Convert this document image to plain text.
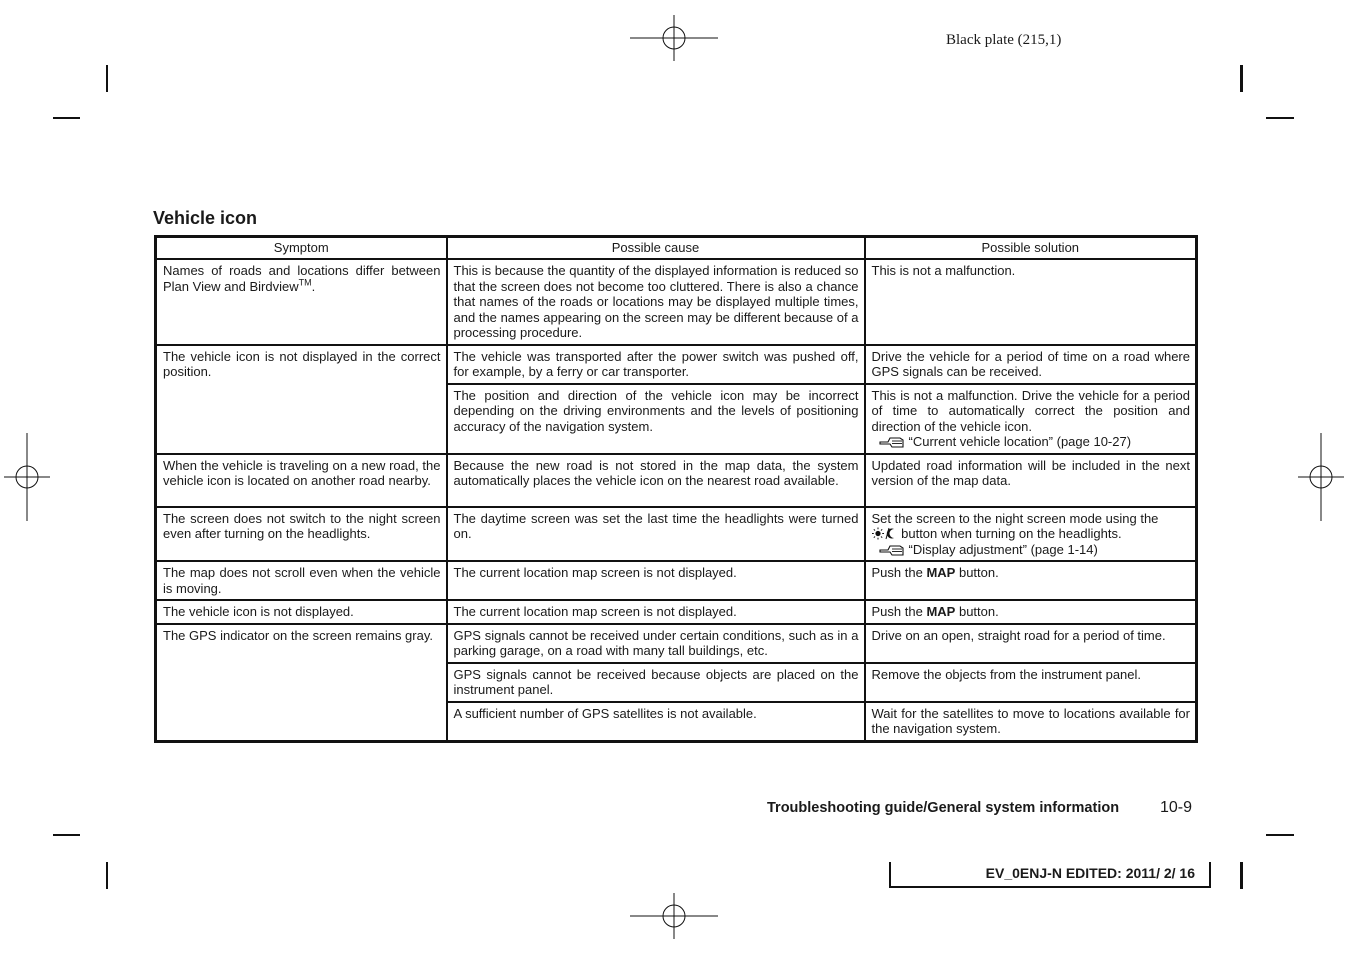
Black plate (215,1)
Vehicle icon
Symptom	Possible cause	Possible solution
Names of roads and locations differ between Plan View and Birdview™.	This is because the quantity of the displayed information is reduced so that the screen does not become too cluttered. There is also a chance that names of the roads or locations may be displayed multiple times, and the names appearing on the screen may be different because of a processing procedure.	This is not a malfunction.
The vehicle icon is not displayed in the correct position.	The vehicle was transported after the power switch was pushed off, for example, by a ferry or car transporter.	Drive the vehicle for a period of time on a road where GPS signals can be received.
	The position and direction of the vehicle icon may be incorrect depending on the driving environments and the levels of positioning accuracy of the navigation system.	This is not a malfunction. Drive the vehicle for a period of time to automatically correct the position and direction of the vehicle icon.
“Current vehicle location” (page 10-27)

When the vehicle is traveling on a new road, the vehicle icon is located on another road nearby.	Because the new road is not stored in the map data, the system automatically places the vehicle icon on the nearest road available.	Updated road information will be included in the next version of the map data.
The screen does not switch to the night screen even after turning on the headlights.	The daytime screen was set the last time the headlights were turned on.	Set the screen to the night screen mode using the
button when turning on the headlights.
“Display adjustment” (page 1-14)

The map does not scroll even when the vehicle is moving.	The current location map screen is not displayed.	Push the MAP button.
The vehicle icon is not displayed.	The current location map screen is not displayed.	Push the MAP button.
The GPS indicator on the screen remains gray.	GPS signals cannot be received under certain conditions, such as in a parking garage, on a road with many tall buildings, etc.	Drive on an open, straight road for a period of time.
	GPS signals cannot be received because objects are placed on the instrument panel.	Remove the objects from the instrument panel.
	A sufficient number of GPS satellites is not available.	Wait for the satellites to move to locations available for the navigation system.
Troubleshooting guide/General system information	10-9
EV_0ENJ-N EDITED: 2011/ 2/ 16
